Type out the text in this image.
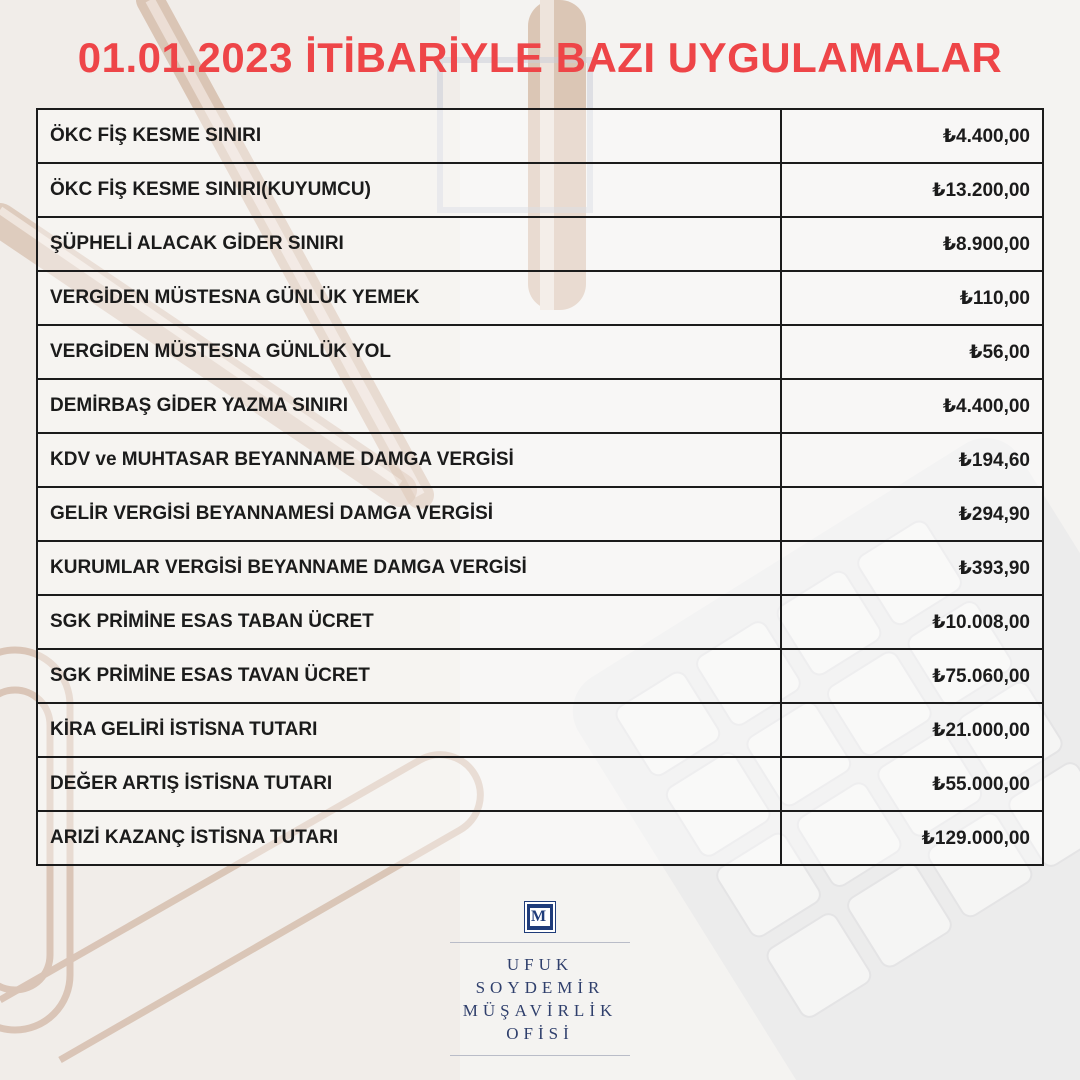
01.01.2023 İTİBARİYLE BAZI UYGULAMALAR
ÖKC FİŞ KESME SINIRI	₺4.400,00
ÖKC FİŞ KESME SINIRI(KUYUMCU)	₺13.200,00
ŞÜPHELİ ALACAK GİDER SINIRI	₺8.900,00
VERGİDEN MÜSTESNA GÜNLÜK YEMEK	₺110,00
VERGİDEN MÜSTESNA GÜNLÜK YOL	₺56,00
DEMİRBAŞ GİDER YAZMA SINIRI	₺4.400,00
KDV ve MUHTASAR BEYANNAME DAMGA VERGİSİ	₺194,60
GELİR VERGİSİ BEYANNAMESİ DAMGA VERGİSİ	₺294,90
KURUMLAR VERGİSİ BEYANNAME DAMGA VERGİSİ	₺393,90
SGK PRİMİNE ESAS TABAN ÜCRET	₺10.008,00
SGK PRİMİNE ESAS TAVAN ÜCRET	₺75.060,00
KİRA GELİRİ İSTİSNA TUTARI	₺21.000,00
DEĞER ARTIŞ İSTİSNA TUTARI	₺55.000,00
ARIZİ KAZANÇ İSTİSNA TUTARI	₺129.000,00
M
UFUK
SOYDEMİR
MÜŞAVİRLİK
OFİSİ
